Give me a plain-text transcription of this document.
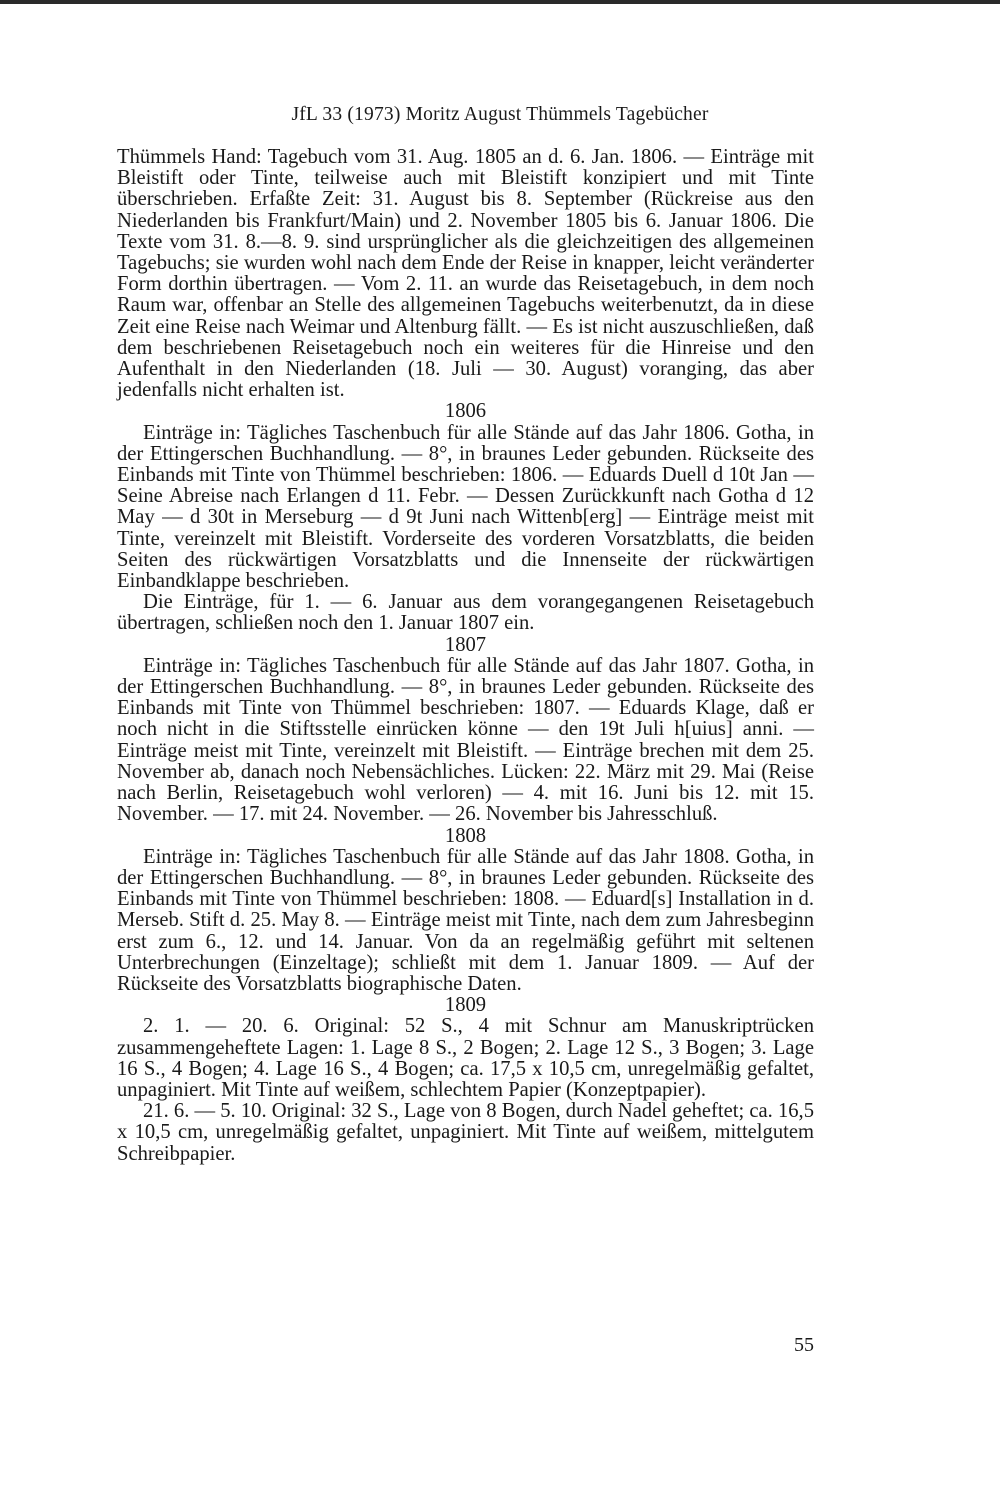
JfL 33 (1973) Moritz August Thümmels Tagebücher

Thümmels Hand: Tagebuch vom 31. Aug. 1805 an d. 6. Jan. 1806. — Einträge mit Bleistift oder Tinte, teilweise auch mit Bleistift konzipiert und mit Tinte überschrieben. Erfaßte Zeit: 31. August bis 8. September (Rückreise aus den Niederlanden bis Frankfurt/Main) und 2. November 1805 bis 6. Januar 1806. Die Texte vom 31. 8.—8. 9. sind ursprünglicher als die gleichzeitigen des allgemeinen Tagebuchs; sie wurden wohl nach dem Ende der Reise in knapper, leicht veränderter Form dorthin übertragen. — Vom 2. 11. an wurde das Reisetagebuch, in dem noch Raum war, offenbar an Stelle des allgemeinen Tagebuchs weiterbenutzt, da in diese Zeit eine Reise nach Weimar und Altenburg fällt. — Es ist nicht auszuschließen, daß dem beschriebenen Reisetagebuch noch ein weiteres für die Hinreise und den Aufenthalt in den Niederlanden (18. Juli — 30. August) voranging, das aber jedenfalls nicht erhalten ist.

1806

Einträge in: Tägliches Taschenbuch für alle Stände auf das Jahr 1806. Gotha, in der Ettingerschen Buchhandlung. — 8°, in braunes Leder gebunden. Rückseite des Einbands mit Tinte von Thümmel beschrieben: 1806. — Eduards Duell d 10t Jan — Seine Abreise nach Erlangen d 11. Febr. — Dessen Zurückkunft nach Gotha d 12 May — d 30t in Merseburg — d 9t Juni nach Wittenb[erg] — Einträge meist mit Tinte, vereinzelt mit Bleistift. Vorderseite des vorderen Vorsatzblatts, die beiden Seiten des rückwärtigen Vorsatzblatts und die Innenseite der rückwärtigen Einbandklappe beschrieben.

Die Einträge, für 1. — 6. Januar aus dem vorangegangenen Reisetagebuch übertragen, schließen noch den 1. Januar 1807 ein.

1807

Einträge in: Tägliches Taschenbuch für alle Stände auf das Jahr 1807. Gotha, in der Ettingerschen Buchhandlung. — 8°, in braunes Leder gebunden. Rückseite des Einbands mit Tinte von Thümmel beschrieben: 1807. — Eduards Klage, daß er noch nicht in die Stiftsstelle einrücken könne — den 19t Juli h[uius] anni. — Einträge meist mit Tinte, vereinzelt mit Bleistift. — Einträge brechen mit dem 25. November ab, danach noch Nebensächliches. Lücken: 22. März mit 29. Mai (Reise nach Berlin, Reisetagebuch wohl verloren) — 4. mit 16. Juni bis 12. mit 15. November. — 17. mit 24. November. — 26. November bis Jahresschluß.

1808

Einträge in: Tägliches Taschenbuch für alle Stände auf das Jahr 1808. Gotha, in der Ettingerschen Buchhandlung. — 8°, in braunes Leder gebunden. Rückseite des Einbands mit Tinte von Thümmel beschrieben: 1808. — Eduard[s] Installation in d. Merseb. Stift d. 25. May 8. — Einträge meist mit Tinte, nach dem zum Jahresbeginn erst zum 6., 12. und 14. Januar. Von da an regelmäßig geführt mit seltenen Unterbrechungen (Einzeltage); schließt mit dem 1. Januar 1809. — Auf der Rückseite des Vorsatzblatts biographische Daten.

1809

2. 1. — 20. 6. Original: 52 S., 4 mit Schnur am Manuskriptrücken zusammengeheftete Lagen: 1. Lage 8 S., 2 Bogen; 2. Lage 12 S., 3 Bogen; 3. Lage 16 S., 4 Bogen; 4. Lage 16 S., 4 Bogen; ca. 17,5 x 10,5 cm, unregelmäßig gefaltet, unpaginiert. Mit Tinte auf weißem, schlechtem Papier (Konzeptpapier).

21. 6. — 5. 10. Original: 32 S., Lage von 8 Bogen, durch Nadel geheftet; ca. 16,5 x 10,5 cm, unregelmäßig gefaltet, unpaginiert. Mit Tinte auf weißem, mittelgutem Schreibpapier.

55
